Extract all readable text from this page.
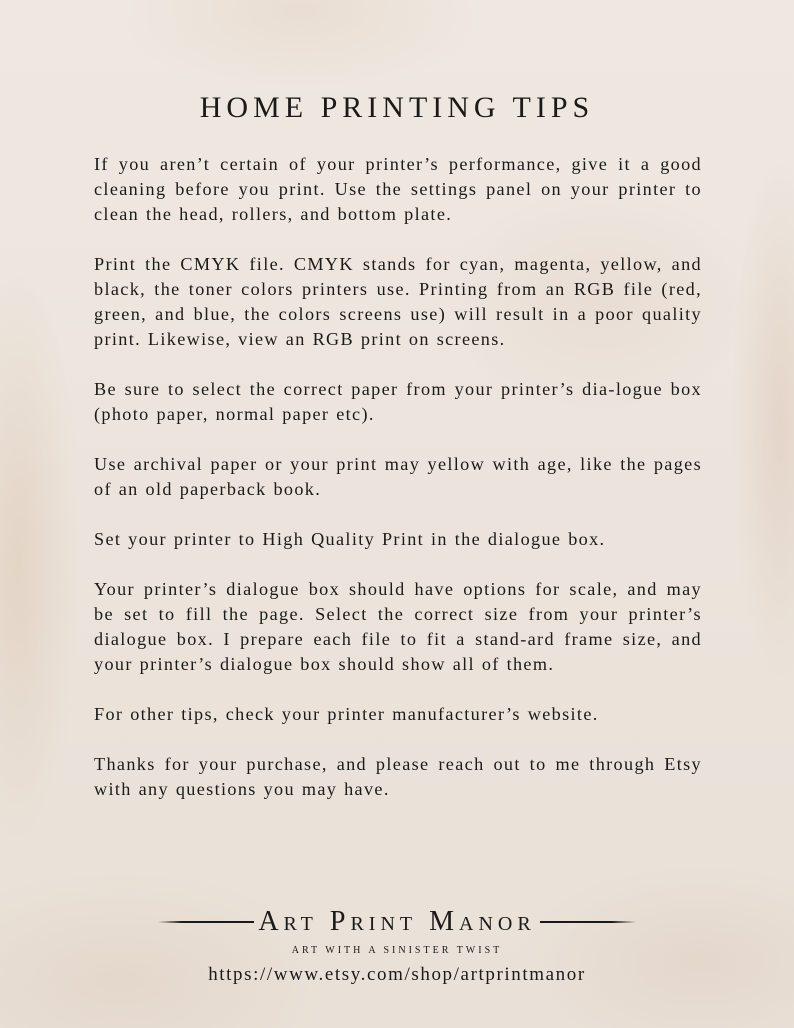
HOME PRINTING TIPS

If you aren’t certain of your printer’s performance, give it a good cleaning before you print. Use the settings panel on your printer to clean the head, rollers, and bottom plate.

Print the CMYK file. CMYK stands for cyan, magenta, yellow, and black, the toner colors printers use. Printing from an RGB file (red, green, and blue, the colors screens use) will result in a poor quality print. Likewise, view an RGB print on screens.

Be sure to select the correct paper from your printer’s dia-logue box (photo paper, normal paper etc).

Use archival paper or your print may yellow with age, like the pages of an old paperback book.

Set your printer to High Quality Print in the dialogue box.

Your printer’s dialogue box should have options for scale, and may be set to fill the page. Select the correct size from your printer’s dialogue box. I prepare each file to fit a stand-ard frame size, and your printer’s dialogue box should show all of them.

For other tips, check your printer manufacturer’s website.

Thanks for your purchase, and please reach out to me through Etsy with any questions you may have.

Art Print Manor
ART WITH A SINISTER TWIST
https://www.etsy.com/shop/artprintmanor
